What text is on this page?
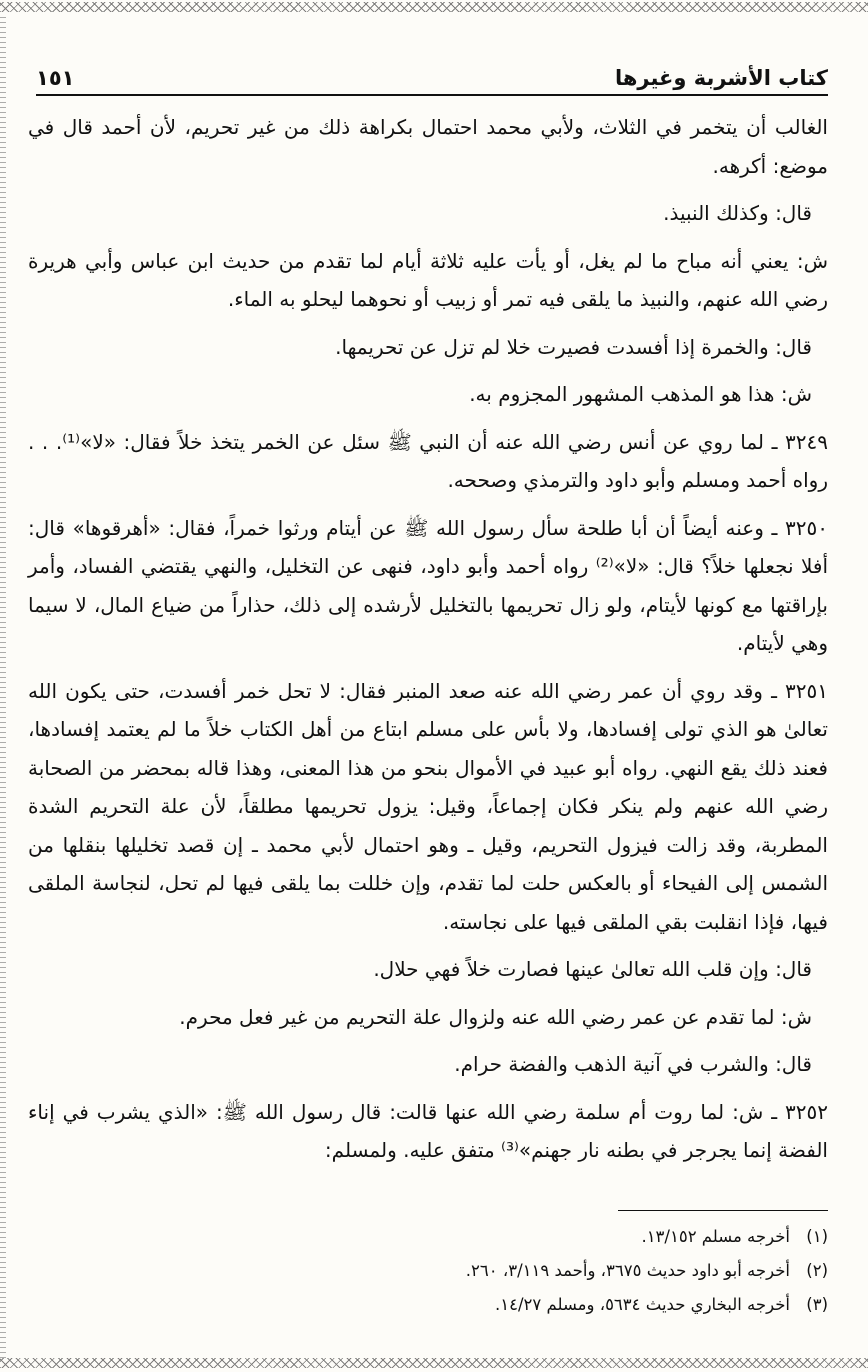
كتاب الأشربة وغيرها
١٥١

الغالب أن يتخمر في الثلاث، ولأبي محمد احتمال بكراهة ذلك من غير تحريم، لأن أحمد قال في موضع: أكرهه.

قال: وكذلك النبيذ.

ش: يعني أنه مباح ما لم يغل، أو يأت عليه ثلاثة أيام لما تقدم من حديث ابن عباس وأبي هريرة رضي الله عنهم، والنبيذ ما يلقى فيه تمر أو زبيب أو نحوهما ليحلو به الماء.

قال: والخمرة إذا أفسدت فصيرت خلا لم تزل عن تحريمها.

ش: هذا هو المذهب المشهور المجزوم به.

٣٢٤٩ ـ لما روي عن أنس رضي الله عنه أن النبي ﷺ سئل عن الخمر يتخذ خلاً فقال: «لا»⁽¹⁾. . . رواه أحمد ومسلم وأبو داود والترمذي وصححه.

٣٢٥٠ ـ وعنه أيضاً أن أبا طلحة سأل رسول الله ﷺ عن أيتام ورثوا خمراً، فقال: «أهرقوها» قال: أفلا نجعلها خلاً؟ قال: «لا»⁽²⁾ رواه أحمد وأبو داود، فنهى عن التخليل، والنهي يقتضي الفساد، وأمر بإراقتها مع كونها لأيتام، ولو زال تحريمها بالتخليل لأرشده إلى ذلك، حذاراً من ضياع المال، لا سيما وهي لأيتام.

٣٢٥١ ـ وقد روي أن عمر رضي الله عنه صعد المنبر فقال: لا تحل خمر أفسدت، حتى يكون الله تعالىٰ هو الذي تولى إفسادها، ولا بأس على مسلم ابتاع من أهل الكتاب خلاً ما لم يعتمد إفسادها، فعند ذلك يقع النهي. رواه أبو عبيد في الأموال بنحو من هذا المعنى، وهذا قاله بمحضر من الصحابة رضي الله عنهم ولم ينكر فكان إجماعاً، وقيل: يزول تحريمها مطلقاً، لأن علة التحريم الشدة المطربة، وقد زالت فيزول التحريم، وقيل ـ وهو احتمال لأبي محمد ـ إن قصد تخليلها بنقلها من الشمس إلى الفيحاء أو بالعكس حلت لما تقدم، وإن خللت بما يلقى فيها لم تحل، لنجاسة الملقى فيها، فإذا انقلبت بقي الملقى فيها على نجاسته.

قال: وإن قلب الله تعالىٰ عينها فصارت خلاً فهي حلال.

ش: لما تقدم عن عمر رضي الله عنه ولزوال علة التحريم من غير فعل محرم.

قال: والشرب في آنية الذهب والفضة حرام.

٣٢٥٢ ـ ش: لما روت أم سلمة رضي الله عنها قالت: قال رسول الله ﷺ: «الذي يشرب في إناء الفضة إنما يجرجر في بطنه نار جهنم»⁽³⁾ متفق عليه. ولمسلم:

(١)
أخرجه مسلم ١٣/١٥٢.
(٢)
أخرجه أبو داود حديث ٣٦٧٥، وأحمد ٣/١١٩، ٢٦٠.
(٣)
أخرجه البخاري حديث ٥٦٣٤، ومسلم ١٤/٢٧.
